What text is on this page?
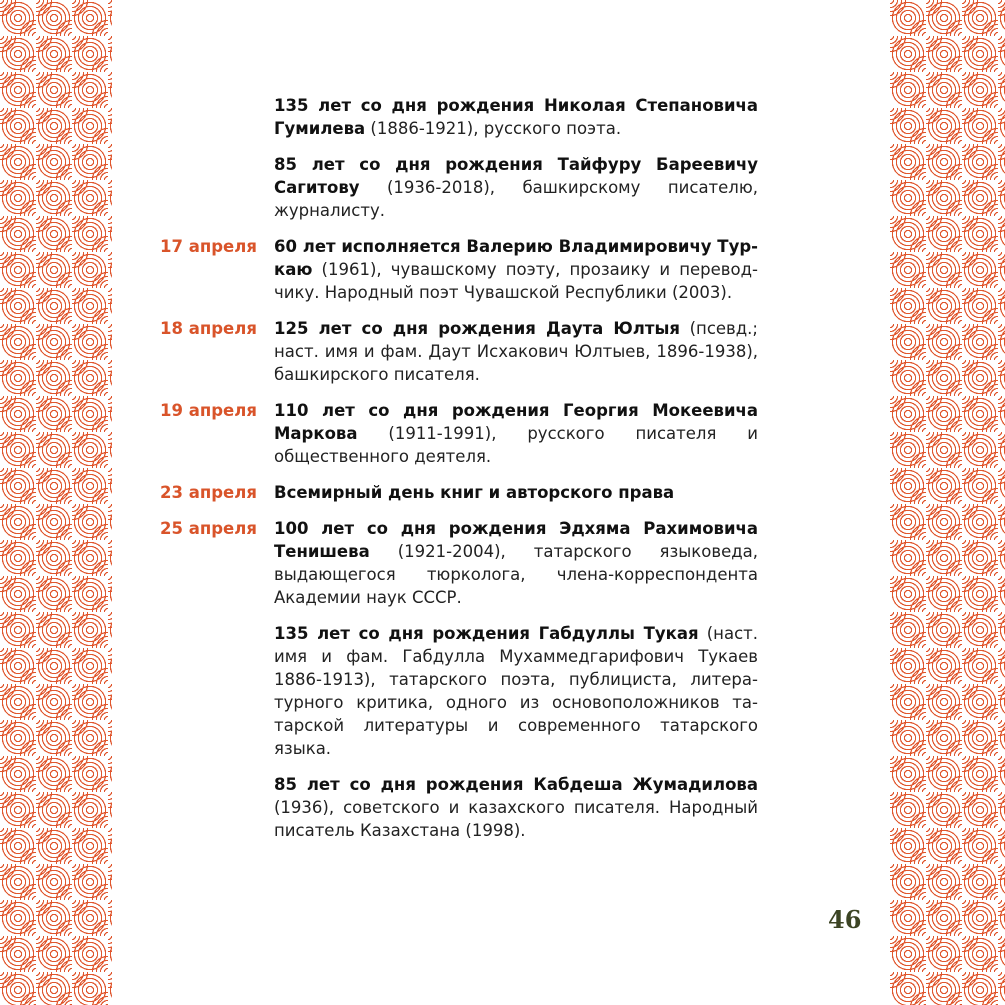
135 лет со дня рождения Николая Степановича Гумилева (1886-1921), русского поэта.
85 лет со дня рождения Тайфуру Бареевичу Сагитову (1936-2018), башкирскому писателю, журналисту.
17 апреля	60 лет исполняется Валерию Владимировичу Туркаю (1961), чувашскому поэту, прозаику и переводчику. Народный поэт Чувашской Республики (2003).
18 апреля	125 лет со дня рождения Даута Юлтыя (псевд.; наст. имя и фам. Даут Исхакович Юлтыев, 1896-1938), башкирского писателя.
19 апреля	110 лет со дня рождения Георгия Мокеевича Маркова (1911-1991), русского писателя и общественного деятеля.
23 апреля	Всемирный день книг и авторского права
25 апреля	100 лет со дня рождения Эдхяма Рахимовича Тенишева (1921-2004), татарского языковеда, выдающегося тюрколога, члена-корреспондента Академии наук СССР.
135 лет со дня рождения Габдуллы Тукая (наст. имя и фам. Габдулла Мухаммедгарифович Тукаев 1886-1913), татарского поэта, публициста, литературного критика, одного из основоположников татарской литературы и современного татарского языка.
85 лет со дня рождения Кабдеша Жумадилова (1936), советского и казахского писателя. Народный писатель Казахстана (1998).
46
